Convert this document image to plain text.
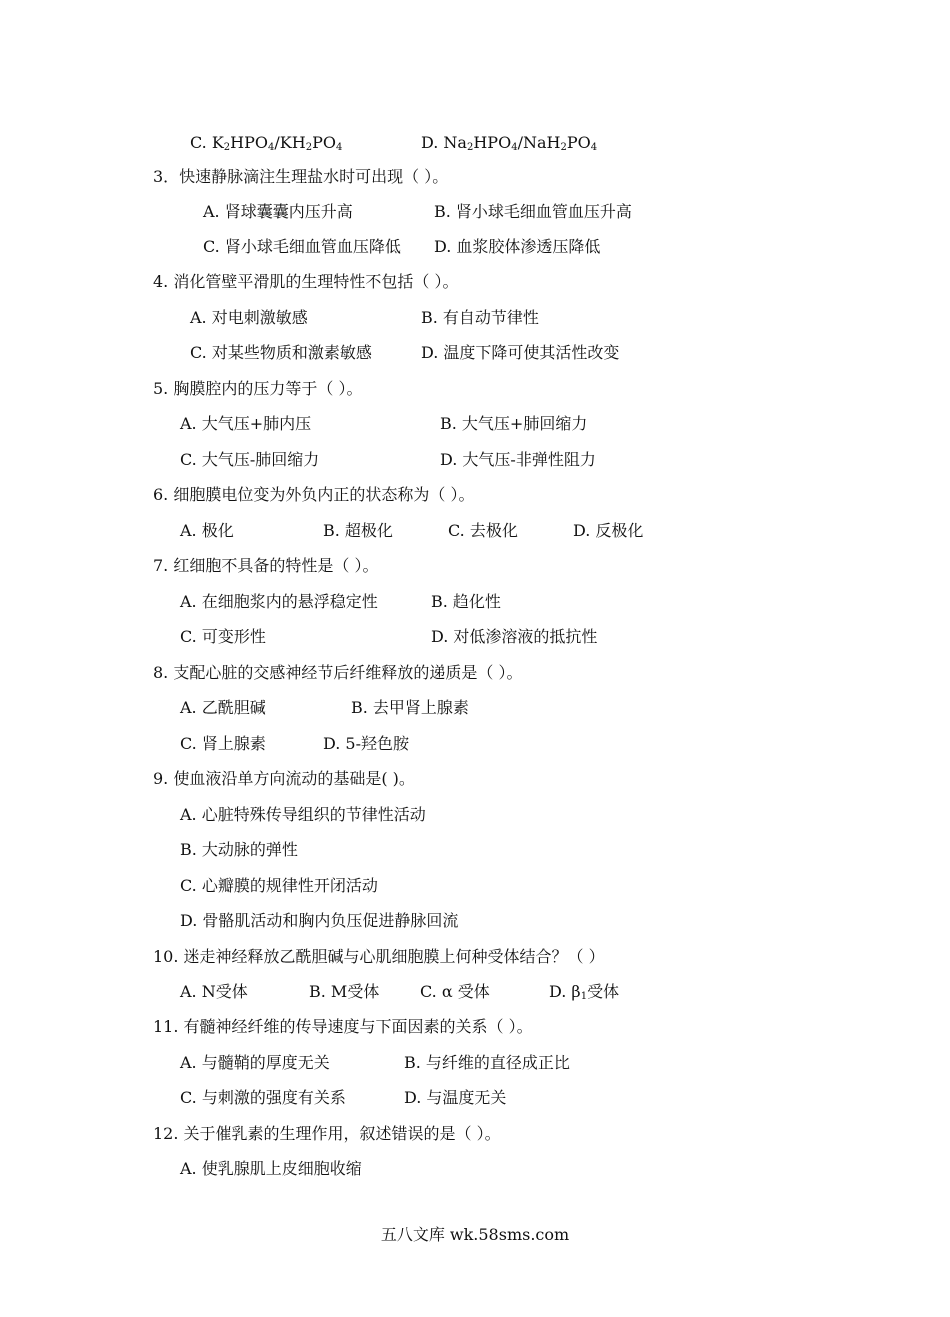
C. $K_2HPO_4/KH_2PO_4$	D. $Na_2HPO_4/NaH_2PO_4$
3．快速静脉滴注生理盐水时可出现（ ）。
A. 肾球囊囊内压升高	B. 肾小球毛细血管血压升高
C. 肾小球毛细血管血压降低 D. 血浆胶体渗透压降低
4. 消化管壁平滑肌的生理特性不包括（ ）。
A. 对电刺激敏感	B. 有自动节律性
C. 对某些物质和激素敏感	D. 温度下降可使其活性改变
5. 胸膜腔内的压力等于（ ）。
A. 大气压+肺内压	B. 大气压+肺回缩力
C. 大气压-肺回缩力	D. 大气压-非弹性阻力
6. 细胞膜电位变为外负内正的状态称为（ ）。
A. 极化	B. 超极化	C. 去极化	D. 反极化
7. 红细胞不具备的特性是（ ）。
A. 在细胞浆内的悬浮稳定性	B. 趋化性
C. 可变形性	D. 对低渗溶液的抵抗性
8. 支配心脏的交感神经节后纤维释放的递质是（ ）。
A. 乙酰胆碱	B. 去甲肾上腺素
C. 肾上腺素	D. 5-羟色胺
9. 使血液沿单方向流动的基础是( )。
A. 心脏特殊传导组织的节律性活动
B. 大动脉的弹性
C. 心瓣膜的规律性开闭活动
D. 骨骼肌活动和胸内负压促进静脉回流
10. 迷走神经释放乙酰胆碱与心肌细胞膜上何种受体结合？（ ）
A. N受体	B. M受体	C. α 受体	D. $\beta_1$受体
11. 有髓神经纤维的传导速度与下面因素的关系（ ）。
A. 与髓鞘的厚度无关	B. 与纤维的直径成正比
C. 与刺激的强度有关系	D. 与温度无关
12. 关于催乳素的生理作用，叙述错误的是（ ）。
A. 使乳腺肌上皮细胞收缩
五八文库 wk.58sms.com
